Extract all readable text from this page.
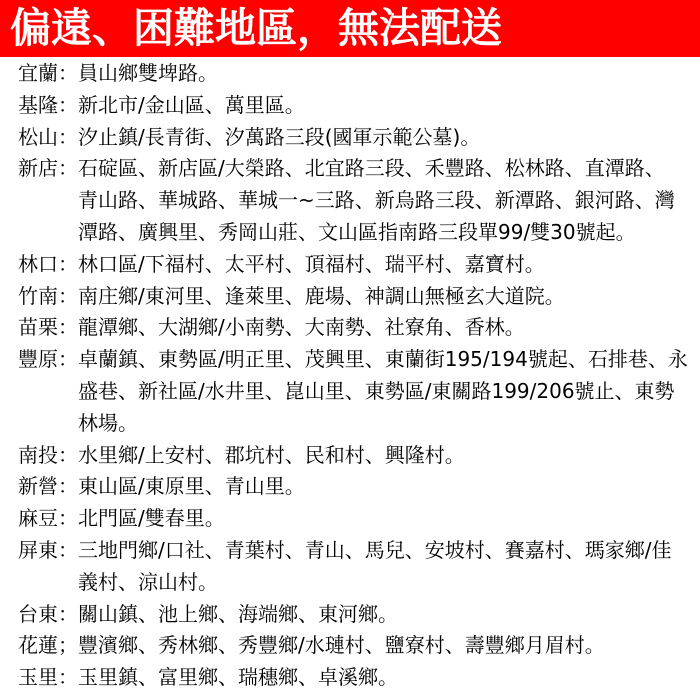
偏遠、困難地區，無法配送
宜蘭： 員山鄉雙埤路。
基隆： 新北市/金山區、萬里區。
松山： 汐止鎮/長青街、汐萬路三段(國軍示範公墓)。
新店： 石碇區、新店區/大榮路、北宜路三段、禾豐路、松林路、直潭路、
青山路、華城路、華城一~三路、新烏路三段、新潭路、銀河路、灣
潭路、廣興里、秀岡山莊、文山區指南路三段單99/雙30號起。
林口： 林口區/下福村、太平村、頂福村、瑞平村、嘉寶村。
竹南： 南庄鄉/東河里、逢萊里、鹿場、神調山無極玄大道院。
苗栗： 龍潭鄉、大湖鄉/小南勢、大南勢、社寮角、香林。
豐原： 卓蘭鎮、東勢區/明正里、茂興里、東蘭街195/194號起、石排巷、永
盛巷、新社區/水井里、崑山里、東勢區/東關路199/206號止、東勢
林場。
南投： 水里鄉/上安村、郡坑村、民和村、興隆村。
新營： 東山區/東原里、青山里。
麻豆： 北門區/雙春里。
屏東： 三地門鄉/口社、青葉村、青山、馬兒、安坡村、賽嘉村、瑪家鄉/佳
義村、涼山村。
台東： 關山鎮、池上鄉、海端鄉、東河鄉。
花蓮； 豐濱鄉、秀林鄉、秀豐鄉/水璉村、鹽寮村、壽豐鄉月眉村。
玉里： 玉里鎮、富里鄉、瑞穗鄉、卓溪鄉。
